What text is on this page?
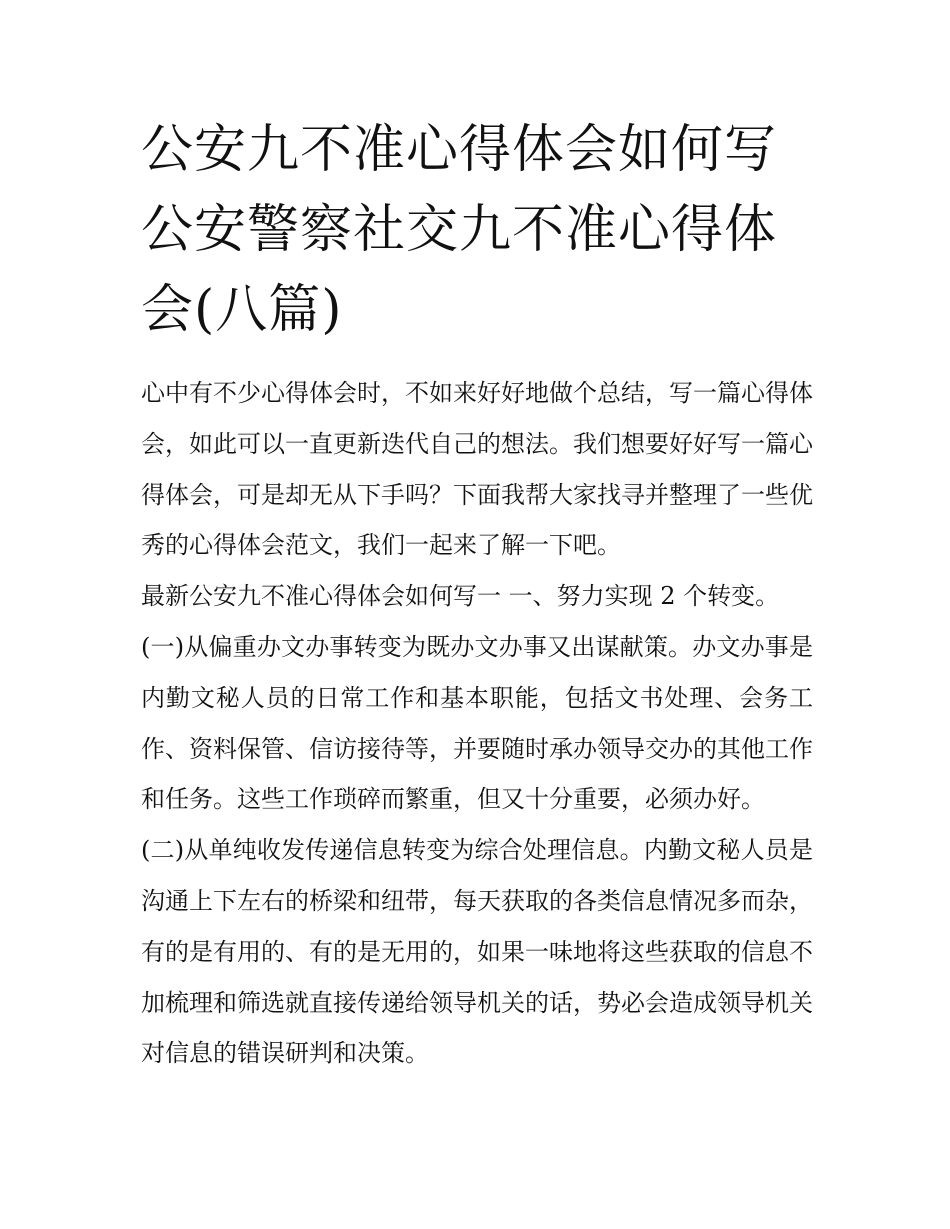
公安九不准心得体会如何写 公安警察社交九不准心得体会(八篇)

心中有不少心得体会时，不如来好好地做个总结，写一篇心得体会，如此可以一直更新迭代自己的想法。我们想要好好写一篇心得体会，可是却无从下手吗？下面我帮大家找寻并整理了一些优秀的心得体会范文，我们一起来了解一下吧。

最新公安九不准心得体会如何写一 一、努力实现 2 个转变。

(一)从偏重办文办事转变为既办文办事又出谋献策。办文办事是内勤文秘人员的日常工作和基本职能，包括文书处理、会务工作、资料保管、信访接待等，并要随时承办领导交办的其他工作和任务。这些工作琐碎而繁重，但又十分重要，必须办好。

(二)从单纯收发传递信息转变为综合处理信息。内勤文秘人员是沟通上下左右的桥梁和纽带，每天获取的各类信息情况多而杂，有的是有用的、有的是无用的，如果一味地将这些获取的信息不加梳理和筛选就直接传递给领导机关的话，势必会造成领导机关对信息的错误研判和决策。
